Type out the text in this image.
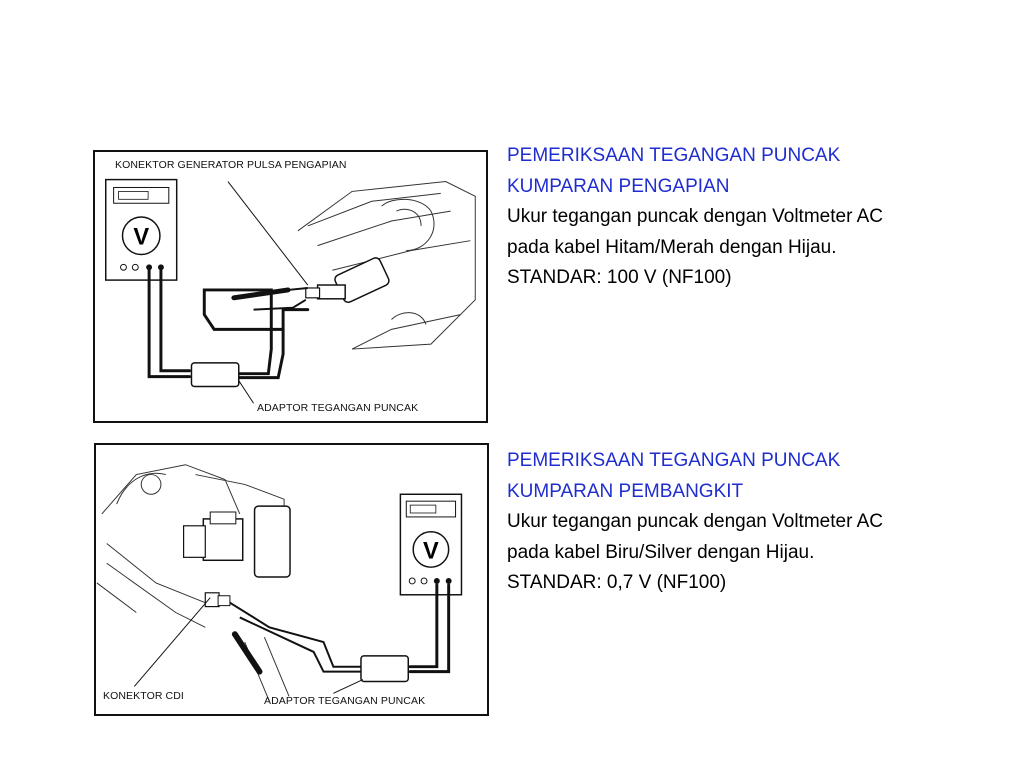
V
KONEKTOR GENERATOR PULSA PENGAPIAN
ADAPTOR TEGANGAN PUNCAK
V
KONEKTOR CDI	ADAPTOR TEGANGAN PUNCAK
PEMERIKSAAN TEGANGAN PUNCAK
KUMPARAN PENGAPIAN
Ukur tegangan puncak dengan Voltmeter AC
pada kabel Hitam/Merah dengan Hijau.
STANDAR: 100 V (NF100)
PEMERIKSAAN TEGANGAN PUNCAK
KUMPARAN PEMBANGKIT
Ukur tegangan puncak dengan Voltmeter AC
pada kabel Biru/Silver dengan Hijau.
STANDAR: 0,7 V (NF100)
